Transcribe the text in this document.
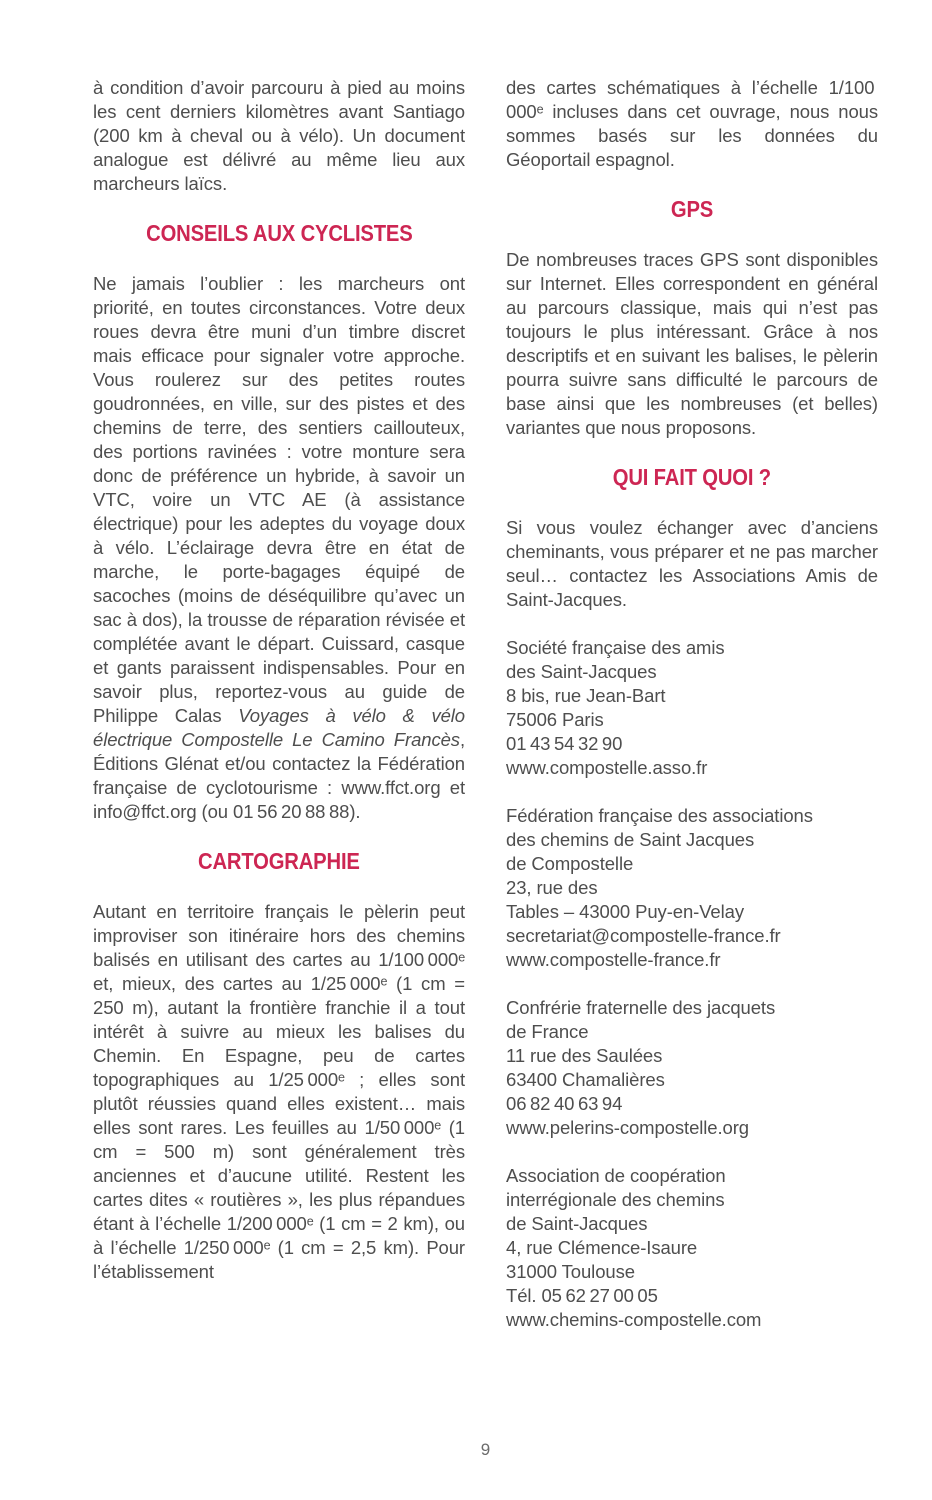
à condition d’avoir parcouru à pied au moins les cent derniers kilomètres avant Santiago (200 km à cheval ou à vélo). Un document analogue est délivré au même lieu aux marcheurs laïcs.

CONSEILS AUX CYCLISTES

Ne jamais l’oublier : les marcheurs ont priorité, en toutes circonstances. Votre deux roues devra être muni d’un timbre discret mais efficace pour signaler votre approche. Vous roulerez sur des petites routes goudronnées, en ville, sur des pistes et des chemins de terre, des sentiers caillouteux, des portions ravinées : votre monture sera donc de préférence un hybride, à savoir un VTC, voire un VTC AE (à assistance électrique) pour les adeptes du voyage doux à vélo. L’éclairage devra être en état de marche, le porte-bagages équipé de sacoches (moins de déséquilibre qu’avec un sac à dos), la trousse de réparation révisée et complétée avant le départ. Cuissard, casque et gants paraissent indispensables. Pour en savoir plus, reportez-vous au guide de Philippe Calas Voyages à vélo & vélo électrique Compostelle Le Camino Francès, Éditions Glénat et/ou contactez la Fédération française de cyclotourisme : www.ffct.org et info@ffct.org (ou 01 56 20 88 88).

CARTOGRAPHIE

Autant en territoire français le pèlerin peut improviser son itinéraire hors des chemins balisés en utilisant des cartes au 1/100 000ᵉ et, mieux, des cartes au 1/25 000ᵉ (1 cm = 250 m), autant la frontière franchie il a tout intérêt à suivre au mieux les balises du Chemin. En Espagne, peu de cartes topographiques au 1/25 000ᵉ ; elles sont plutôt réussies quand elles existent… mais elles sont rares. Les feuilles au 1/50 000ᵉ (1 cm = 500 m) sont généralement très anciennes et d’aucune utilité. Restent les cartes dites « routières », les plus répandues étant à l’échelle 1/200 000ᵉ (1 cm = 2 km), ou à l’échelle 1/250 000ᵉ (1 cm = 2,5 km). Pour l’établissement

des cartes schématiques à l’échelle 1/100 000ᵉ incluses dans cet ouvrage, nous nous sommes basés sur les données du Géoportail espagnol.

GPS

De nombreuses traces GPS sont disponibles sur Internet. Elles correspondent en général au parcours classique, mais qui n’est pas toujours le plus intéressant. Grâce à nos descriptifs et en suivant les balises, le pèlerin pourra suivre sans difficulté le parcours de base ainsi que les nombreuses (et belles) variantes que nous proposons.

QUI FAIT QUOI ?

Si vous voulez échanger avec d’anciens cheminants, vous préparer et ne pas marcher seul… contactez les Associations Amis de Saint-Jacques.

Société française des amis
des Saint-Jacques
8 bis, rue Jean-Bart
75006 Paris
01 43 54 32 90
www.compostelle.asso.fr
Fédération française des associations
des chemins de Saint Jacques
de Compostelle
23, rue des
Tables – 43000 Puy-en-Velay
secretariat@compostelle-france.fr
www.compostelle-france.fr
Confrérie fraternelle des jacquets
de France
11 rue des Saulées
63400 Chamalières
06 82 40 63 94
www.pelerins-compostelle.org
Association de coopération
interrégionale des chemins
de Saint-Jacques
4, rue Clémence-Isaure
31000 Toulouse
Tél. 05 62 27 00 05
www.chemins-compostelle.com
9
